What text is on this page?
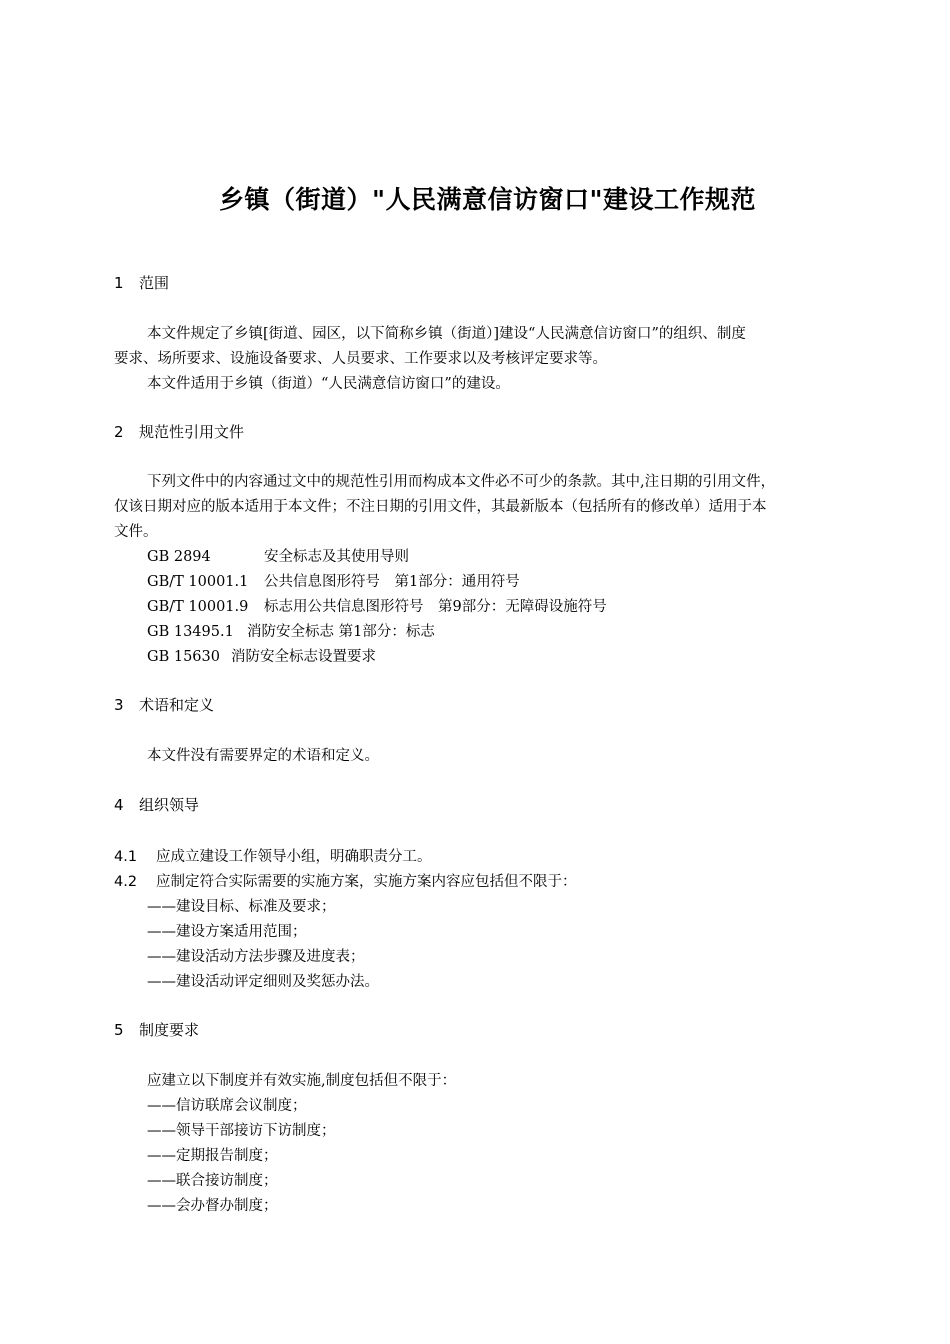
乡镇（街道）"人民满意信访窗口"建设工作规范
1 范围
本文件规定了乡镇[街道、园区，以下简称乡镇（街道）]建设“人民满意信访窗口”的组织、制度
要求、场所要求、设施设备要求、人员要求、工作要求以及考核评定要求等。
本文件适用于乡镇（街道）“人民满意信访窗口”的建设。
2 规范性引用文件
下列文件中的内容通过文中的规范性引用而构成本文件必不可少的条款。其中,注日期的引用文件，
仅该日期对应的版本适用于本文件；不注日期的引用文件，其最新版本（包括所有的修改单）适用于本
文件。
GB 2894	安全标志及其使用导则
GB/T 10001.1 公共信息图形符号　第1部分：通用符号
GB/T 10001.9 标志用公共信息图形符号　第9部分：无障碍设施符号
GB 13495.1 消防安全标志 第1部分：标志
GB 15630 消防安全标志设置要求
3 术语和定义
本文件没有需要界定的术语和定义。
4 组织领导
4.1 应成立建设工作领导小组，明确职责分工。
4.2 应制定符合实际需要的实施方案，实施方案内容应包括但不限于：
——建设目标、标准及要求；
——建设方案适用范围；
——建设活动方法步骤及进度表；
——建设活动评定细则及奖惩办法。
5 制度要求
应建立以下制度并有效实施,制度包括但不限于：
——信访联席会议制度；
——领导干部接访下访制度；
——定期报告制度；
——联合接访制度；
——会办督办制度；
